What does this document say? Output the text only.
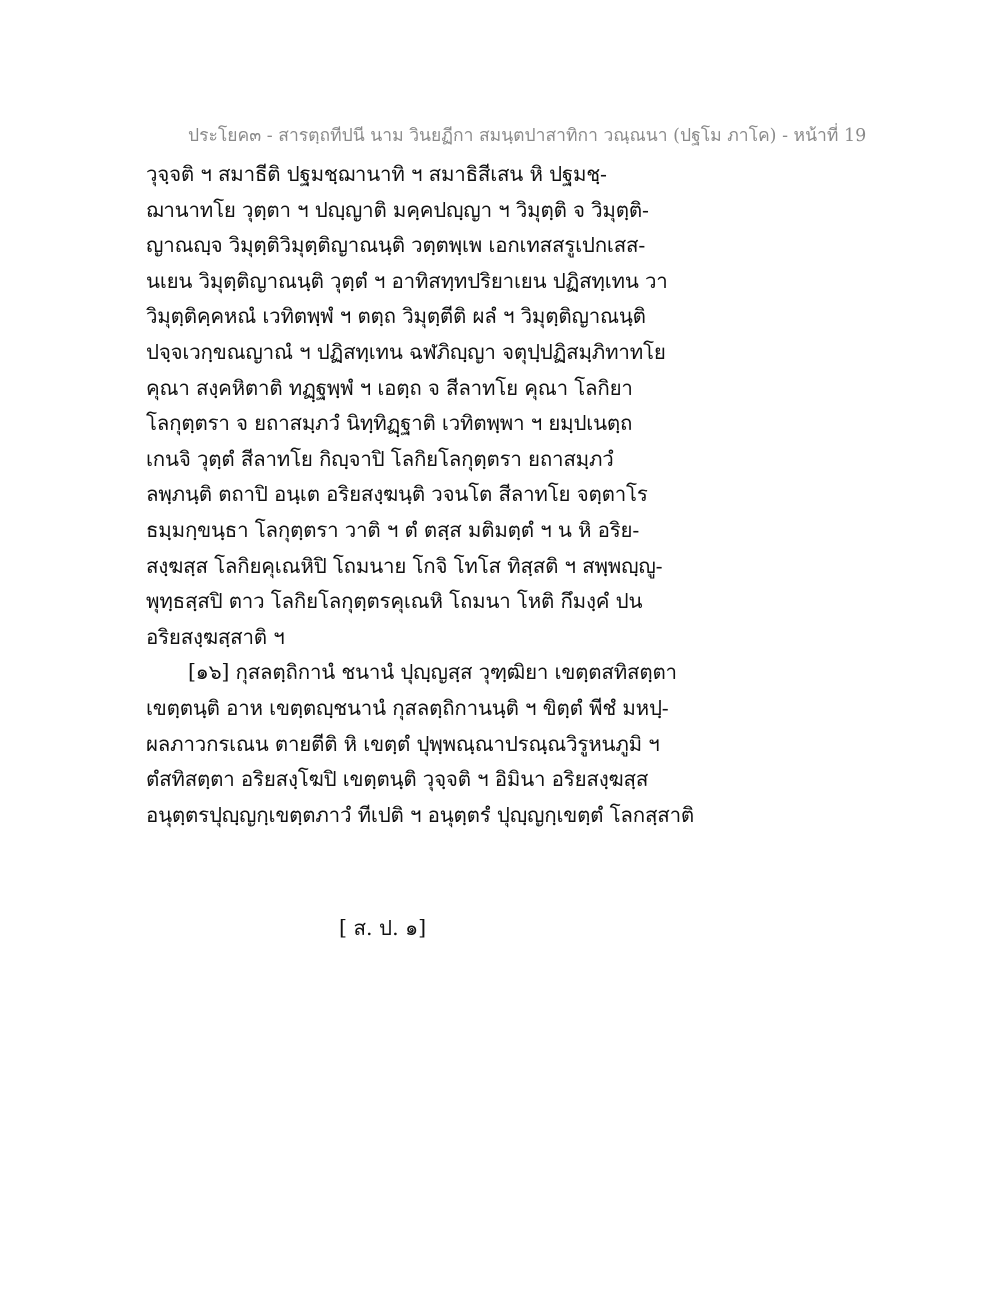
ประโยค๓ - สารตฺถทีปนี นาม วินยฏีกา สมนฺตปาสาทิกา วณฺณนา (ปฐโม ภาโค) - หน้าที่ 19
วุจฺจติ ฯ สมาธีติ ปฐมชฺฌานาทิ ฯ สมาธิสีเสน หิ ปฐมชฺ-
ฌานาทโย วุตฺตา ฯ ปญฺญาติ มคฺคปญฺญา ฯ วิมุตฺติ จ วิมุตฺติ-
ญาณญฺจ วิมุตฺติวิมุตฺติญาณนฺติ วตฺตพฺเพ เอกเทสสรูเปกเสส-
นเยน วิมุตฺติญาณนฺติ วุตฺตํ ฯ อาทิสทฺทปริยาเยน ปฏิสทฺเทน วา
วิมุตฺติคฺคหณํ เวทิตพฺพํ ฯ ตตฺถ วิมุตฺตีติ ผลํ ฯ วิมุตฺติญาณนฺติ
ปจฺจเวกฺขณญาณํ ฯ ปฏิสทฺเทน ฉฬภิญฺญา จตุปฺปฏิสมฺภิทาทโย
คุณา สงฺคหิตาติ ทฏฺฐพฺพํ ฯ เอตฺถ จ สีลาทโย คุณา โลกิยา
โลกุตฺตรา จ ยถาสมฺภวํ นิทฺทิฏฺฐาติ เวทิตพฺพา ฯ ยมฺปเนตฺถ
เกนจิ วุตฺตํ สีลาทโย กิญฺจาปิ โลกิยโลกุตฺตรา ยถาสมฺภวํ
ลพฺภนฺติ ตถาปิ อนฺเต อริยสงฺฆนฺติ วจนโต สีลาทโย จตฺตาโร
ธมฺมกฺขนฺธา โลกุตฺตรา วาติ ฯ ตํ ตสฺส มติมตฺตํ ฯ น หิ อริย-
สงฺฆสฺส โลกิยคุเณหิปิ โถมนาย โกจิ โทโส ทิสฺสติ ฯ สพฺพญฺญู-
พุทฺธสฺสปิ ตาว โลกิยโลกุตฺตรคุเณหิ โถมนา โหติ กึมงฺคํ ปน
อริยสงฺฆสฺสาติ ฯ
[๑๖] กุสลตฺถิกานํ ชนานํ ปุญฺญสฺส วุฑฺฒิยา เขตฺตสทิสตฺตา
เขตฺตนฺติ อาห เขตฺตญฺชนานํ กุสลตฺถิกานนฺติ ฯ ขิตฺตํ พีชํ มหปฺ-
ผลภาวกรเณน ตายตีติ หิ เขตฺตํ ปุพฺพณฺณาปรณฺณวิรูหนภูมิ ฯ
ตํสทิสตฺตา อริยสงฺโฆปิ เขตฺตนฺติ วุจฺจติ ฯ อิมินา อริยสงฺฆสฺส
อนุตฺตรปุญฺญกฺเขตฺตภาวํ ทีเปติ ฯ อนุตฺตรํ ปุญฺญกฺเขตฺตํ โลกสฺสาติ
[ ส. ป. ๑]
